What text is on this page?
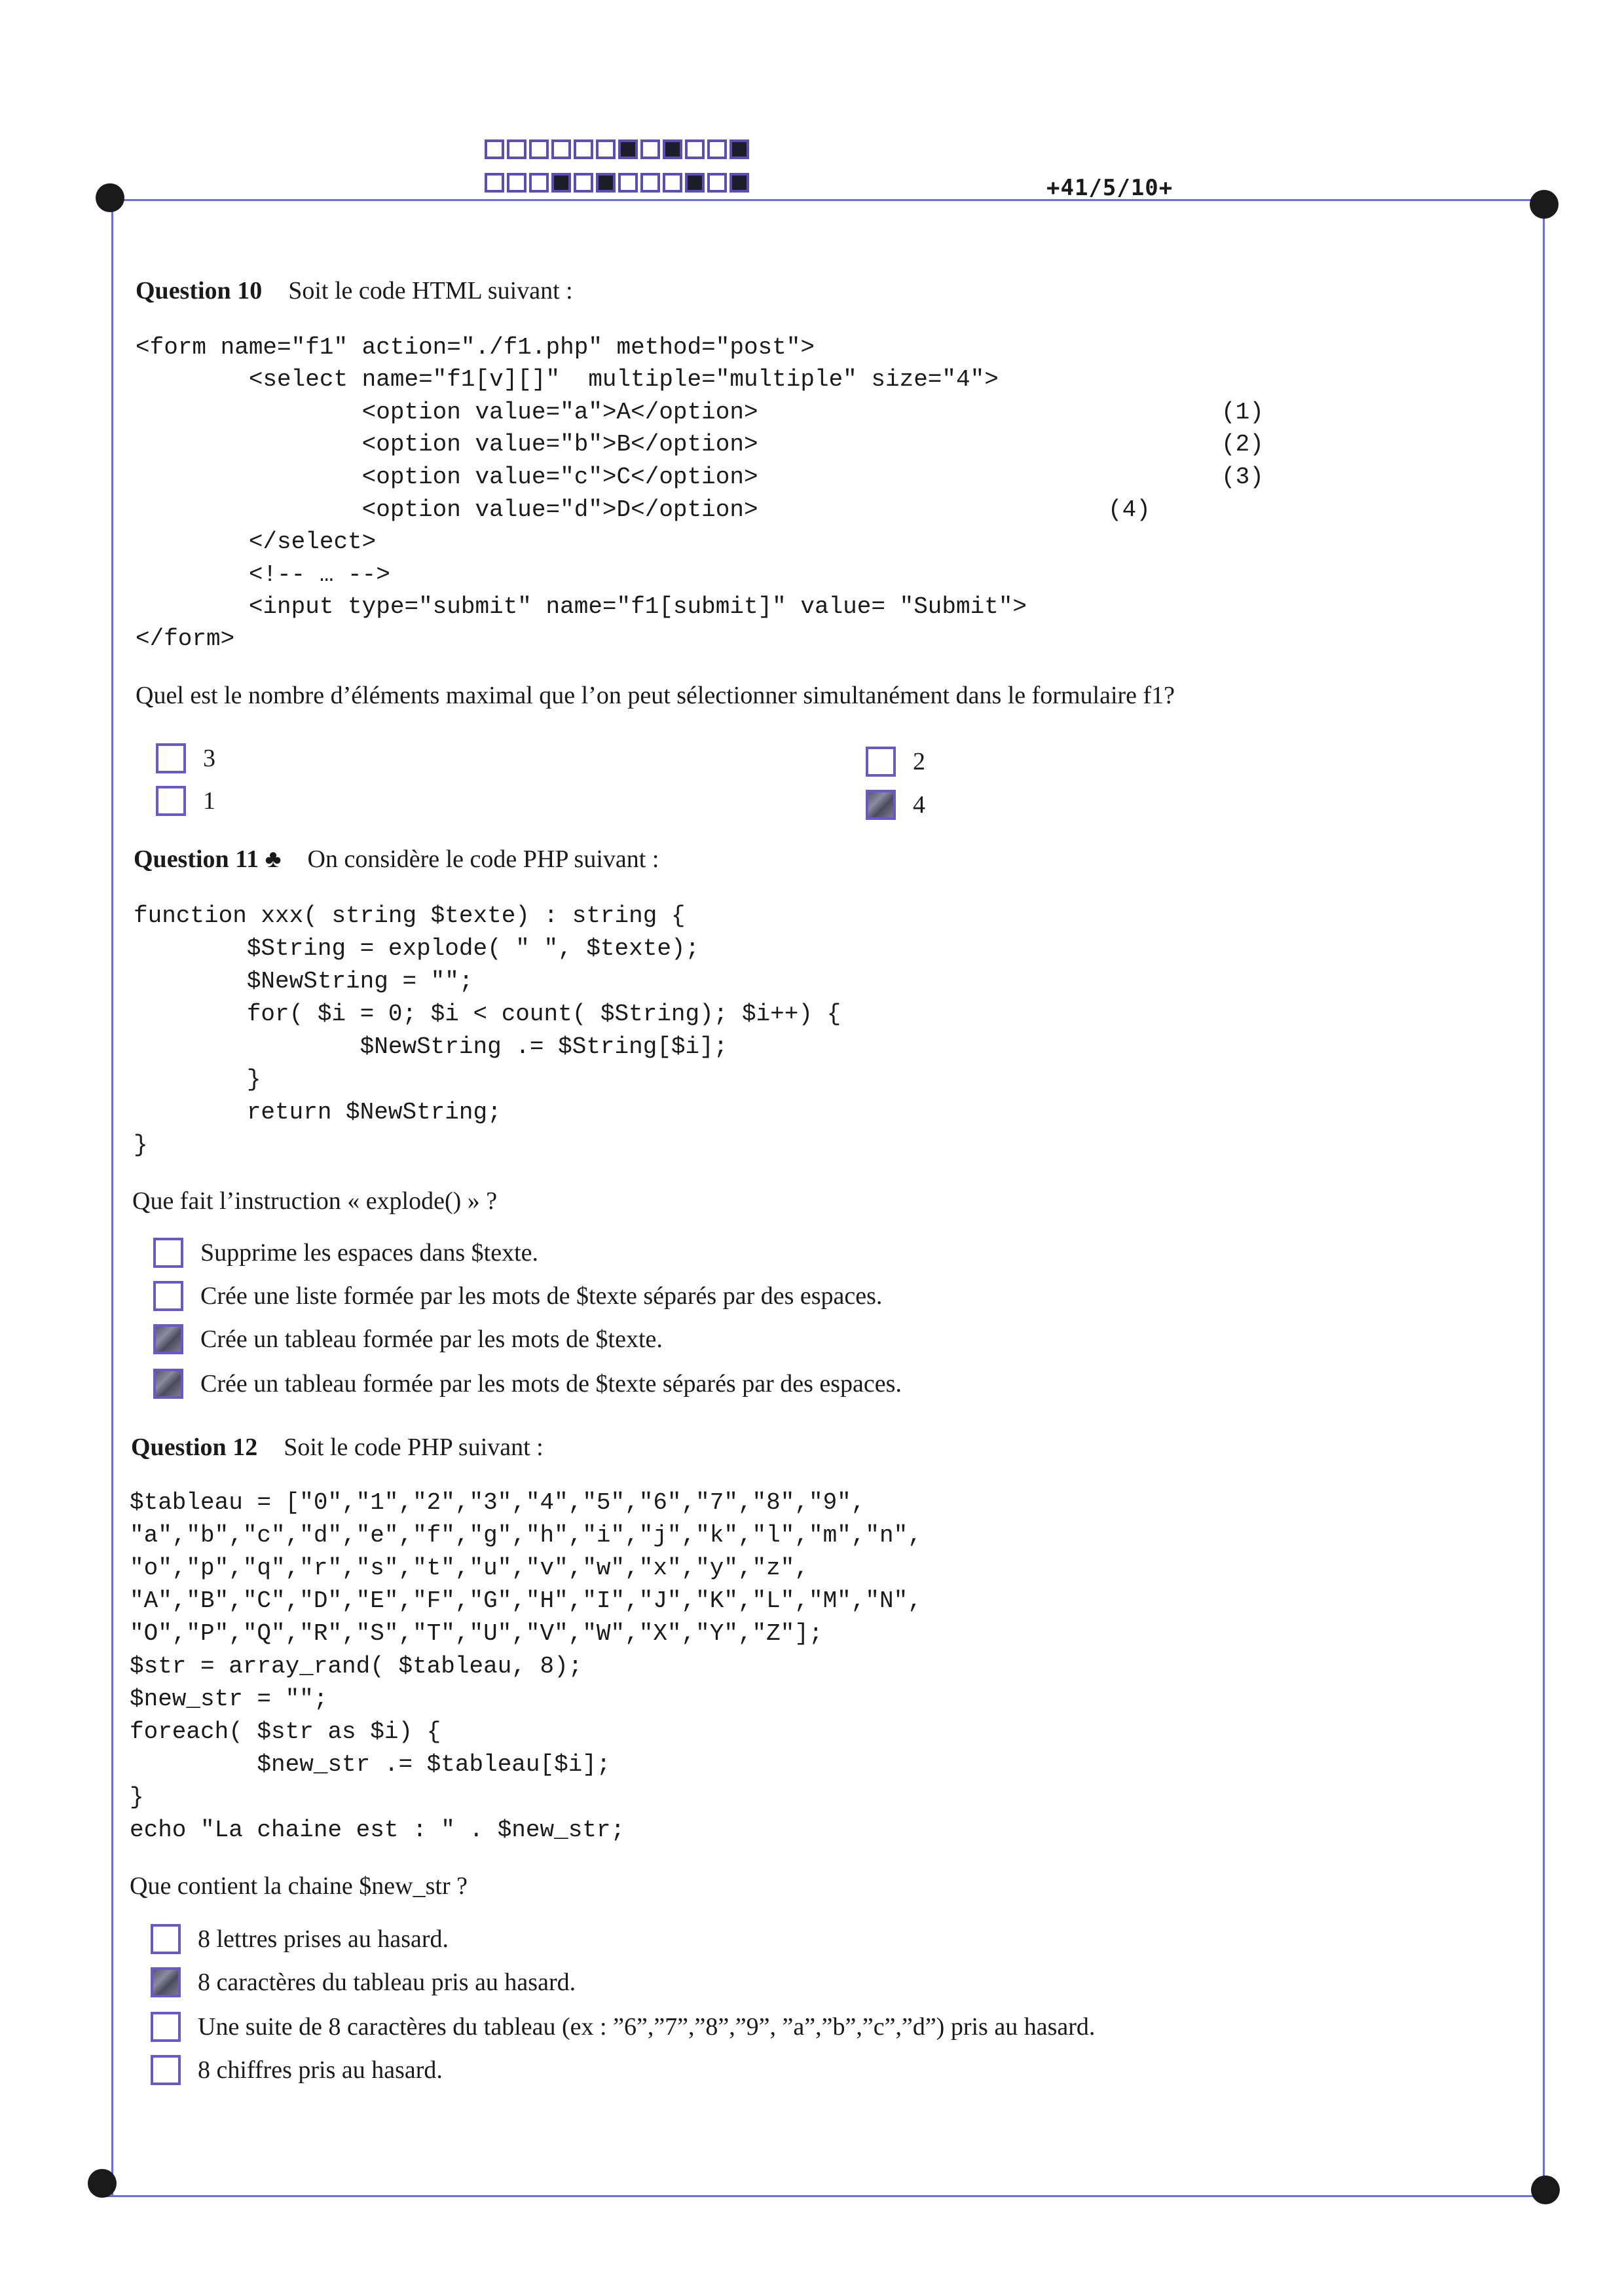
+41/5/10+
Question 10 Soit le code HTML suivant :
<form name="f1" action="./f1.php" method="post">
<select name="f1[v][]"  multiple="multiple" size="4">
<option value="a">A</option>
<option value="b">B</option>
<option value="c">C</option>
<option value="d">D</option>
</select>
<!-- … -->
<input type="submit" name="f1[submit]" value= "Submit">
</form>
(1)
(2)
(3)
(4)
Quel est le nombre d’éléments maximal que l’on peut sélectionner simultanément dans le formulaire f1?
3	2
1	4
Question 11 ♣ On considère le code PHP suivant :
function xxx( string $texte) : string {
$String = explode( " ", $texte);
$NewString = "";
for( $i = 0; $i < count( $String); $i++) {
$NewString .= $String[$i];
}
return $NewString;
}
Que fait l’instruction « explode() » ?
Supprime les espaces dans $texte.
Crée une liste formée par les mots de $texte séparés par des espaces.
Crée un tableau formée par les mots de $texte.
Crée un tableau formée par les mots de $texte séparés par des espaces.
Question 12 Soit le code PHP suivant :
$tableau = ["0","1","2","3","4","5","6","7","8","9",
"a","b","c","d","e","f","g","h","i","j","k","l","m","n",
"o","p","q","r","s","t","u","v","w","x","y","z",
"A","B","C","D","E","F","G","H","I","J","K","L","M","N",
"O","P","Q","R","S","T","U","V","W","X","Y","Z"];
$str = array_rand( $tableau, 8);
$new_str = "";
foreach( $str as $i) {
$new_str .= $tableau[$i];
}
echo "La chaine est : " . $new_str;
Que contient la chaine $new_str ?
8 lettres prises au hasard.
8 caractères du tableau pris au hasard.
Une suite de 8 caractères du tableau (ex : ”6”,”7”,”8”,”9”, ”a”,”b”,”c”,”d”) pris au hasard.
8 chiffres pris au hasard.
